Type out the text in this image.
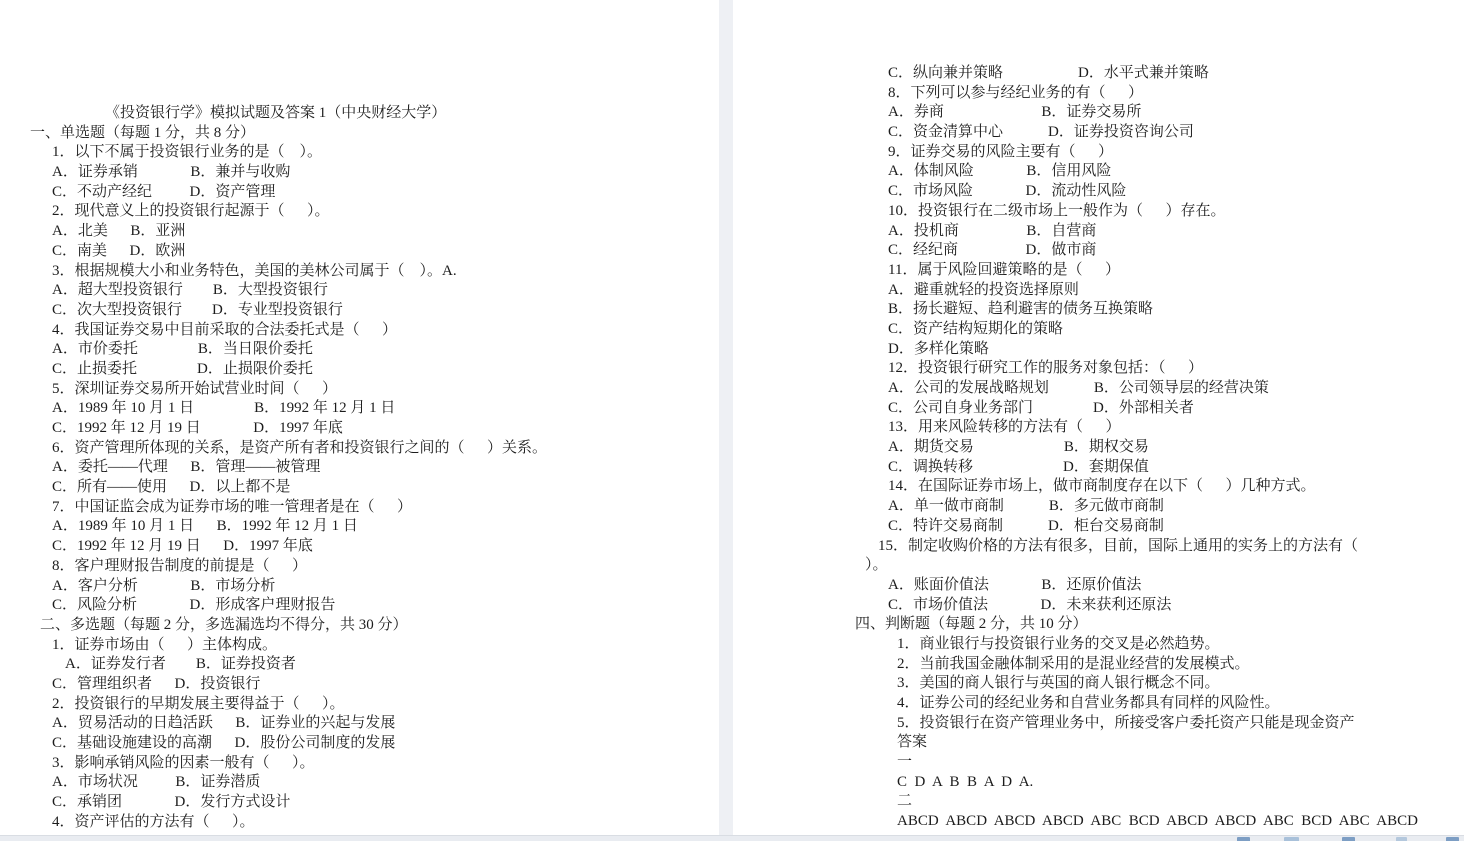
《投资银行学》模拟试题及答案 1（中央财经大学）
一、单选题（每题 1 分，共 8 分）
1．以下不属于投资银行业务的是（    ）。
A．证券承销              B．兼并与收购
C．不动产经纪          D．资产管理
2．现代意义上的投资银行起源于（      ）。
A．北美      B．亚洲
C．南美      D．欧洲
3．根据规模大小和业务特色，美国的美林公司属于（    ）。A.
A．超大型投资银行        B．大型投资银行
C．次大型投资银行        D．专业型投资银行
4．我国证券交易中目前采取的合法委托式是（      ）
A．市价委托                B．当日限价委托
C．止损委托                D．止损限价委托
5．深圳证券交易所开始试营业时间（      ）
A．1989 年 10 月 1 日                B．1992 年 12 月 1 日
C．1992 年 12 月 19 日              D．1997 年底
6．资产管理所体现的关系，是资产所有者和投资银行之间的（      ）关系。
A．委托——代理      B．管理——被管理
C．所有——使用      D．以上都不是
7．中国证监会成为证券市场的唯一管理者是在（      ）
A．1989 年 10 月 1 日      B．1992 年 12 月 1 日
C．1992 年 12 月 19 日      D．1997 年底
8．客户理财报告制度的前提是（      ）
A．客户分析              B．市场分析
C．风险分析              D．形成客户理财报告
二、多选题（每题 2 分，多选漏选均不得分，共 30 分）
1．证券市场由（      ）主体构成。
A．证券发行者        B．证券投资者
C．管理组织者      D．投资银行
2．投资银行的早期发展主要得益于（      ）。
A．贸易活动的日趋活跃      B．证券业的兴起与发展
C．基础设施建设的高潮      D．股份公司制度的发展
3．影响承销风险的因素一般有（      ）。
A．市场状况          B．证券潜质
C．承销团              D．发行方式设计
4．资产评估的方法有（      ）。
C．纵向兼并策略                    D．水平式兼并策略
8．下列可以参与经纪业务的有（      ）
A．券商                          B．证券交易所
C．资金清算中心            D．证券投资咨询公司
9．证券交易的风险主要有（      ）
A．体制风险              B．信用风险
C．市场风险              D．流动性风险
10．投资银行在二级市场上一般作为（      ）存在。
A．投机商                  B．自营商
C．经纪商                  D．做市商
11．属于风险回避策略的是（      ）
A．避重就轻的投资选择原则
B．扬长避短、趋利避害的债务互换策略
C．资产结构短期化的策略
D．多样化策略
12．投资银行研究工作的服务对象包括：（      ）
A．公司的发展战略规划            B．公司领导层的经营决策
C．公司自身业务部门                D．外部相关者
13．用来风险转移的方法有（      ）
A．期货交易                        B．期权交易
C．调换转移                        D．套期保值
14．在国际证券市场上，做市商制度存在以下（      ）几种方式。
A．单一做市商制            B．多元做市商制
C．特许交易商制            D．柜台交易商制
15．制定收购价格的方法有很多，目前，国际上通用的实务上的方法有（
）。
A．账面价值法              B．还原价值法
C．市场价值法              D．未来获利还原法
四、判断题（每题 2 分，共 10 分）
1．商业银行与投资银行业务的交叉是必然趋势。
2．当前我国金融体制采用的是混业经营的发展模式。
3．美国的商人银行与英国的商人银行概念不同。
4．证券公司的经纪业务和自营业务都具有同样的风险性。
5．投资银行在资产管理业务中，所接受客户委托资产只能是现金资产
答案
一
C  D  A  B  B  A  D  A.
二
ABCD  ABCD  ABCD  ABCD  ABC  BCD  ABCD  ABCD  ABC  BCD  ABC  ABCD
